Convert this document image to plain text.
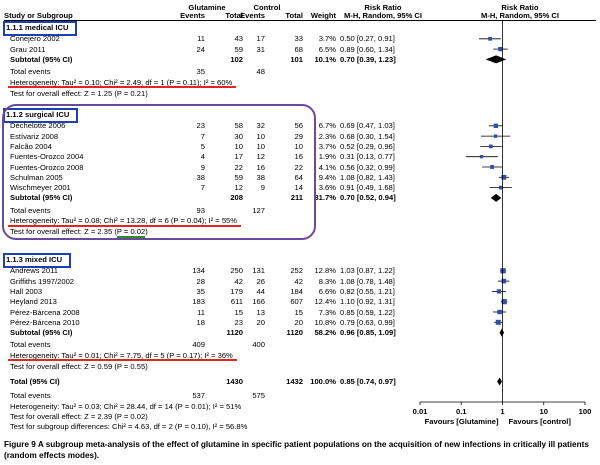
Study or Subgroup
Glutamine	Control
Events	Total
Events	Total	Weight
Risk Ratio
M-H, Random, 95% CI
Risk Ratio
M-H, Random, 95% CI
1.1.1 medical ICU
Conejero 2002	11	43	17	33	3.7% 0.50 [0.27, 0.91]
Grau 2011	24	59	31	68	6.5% 0.89 [0.60, 1.34]
Subtotal (95% CI)	102	101	10.1% 0.70 [0.39, 1.23]
Total events	35	48
Heterogeneity: Tau² = 0.10; Chi² = 2.49, df = 1 (P = 0.11); I² = 60%
Test for overall effect: Z = 1.25 (P = 0.21)
1.1.2 surgical ICU
Déchelotte 2006	23	58	32	56	6.7% 0.69 [0.47, 1.03]
Estívariz 2008	7	30	10	29	2.3% 0.68 [0.30, 1.54]
Falcão 2004	5	10	10	10	3.7% 0.52 [0.29, 0.96]
Fuentes-Orozco 2004	4	17	12	16	1.9% 0.31 [0.13, 0.77]
Fuentes-Orozco 2008	9	22	16	22	4.1% 0.56 [0.32, 0.99]
Schulman 2005	38	59	38	64	9.4% 1.08 [0.82, 1.43]
Wischmeyer 2001	7	12	9	14	3.6% 0.91 [0.49, 1.68]
Subtotal (95% CI)	208	211	31.7% 0.70 [0.52, 0.94]
Total events	93	127
Heterogeneity: Tau² = 0.08; Chi² = 13.28, df = 6 (P = 0.04); I² = 55%
Test for overall effect: Z = 2.35 ( P = 0.02 )
1.1.3 mixed ICU
Andrews 2011	134	250	131	252	12.8% 1.03 [0.87, 1.22]
Griffiths 1997/2002	28	42	26	42	8.3% 1.08 [0.78, 1.48]
Hall 2003	35	179	44	184	6.6% 0.82 [0.55, 1.21]
Heyland 2013	183	611	166	607	12.4% 1.10 [0.92, 1.31]
Pérez-Bárcena 2008	11	15	13	15	7.3% 0.85 [0.59, 1.22]
Pérez-Bárcena 2010	18	23	20	20	10.8% 0.79 [0.63, 0.99]
Subtotal (95% CI)	1120	1120	58.2% 0.96 [0.85, 1.09]
Total events	409	400
Heterogeneity: Tau² = 0.01; Chi² = 7.75, df = 5 (P = 0.17); I² = 36%
Test for overall effect: Z = 0.59 (P = 0.55)
Total (95% CI)	1430	1432 100.0% 0.85 [0.74, 0.97]
Total events	537	575
Heterogeneity: Tau² = 0.03; Chi² = 28.44, df = 14 (P = 0.01); I² = 51%
Test for overall effect: Z = 2.39 (P = 0.02)
Test for subgroup differences: Chi² = 4.63, df = 2 (P = 0.10), I² = 56.8%
Figure 9 A subgroup meta-analysis of the effect of glutamine in specific patient populations on the acquisition of new infections in critically ill patients (random effects modes).
0.01	0.1	1	10	100
Favours [Glutamine] Favours [control]
